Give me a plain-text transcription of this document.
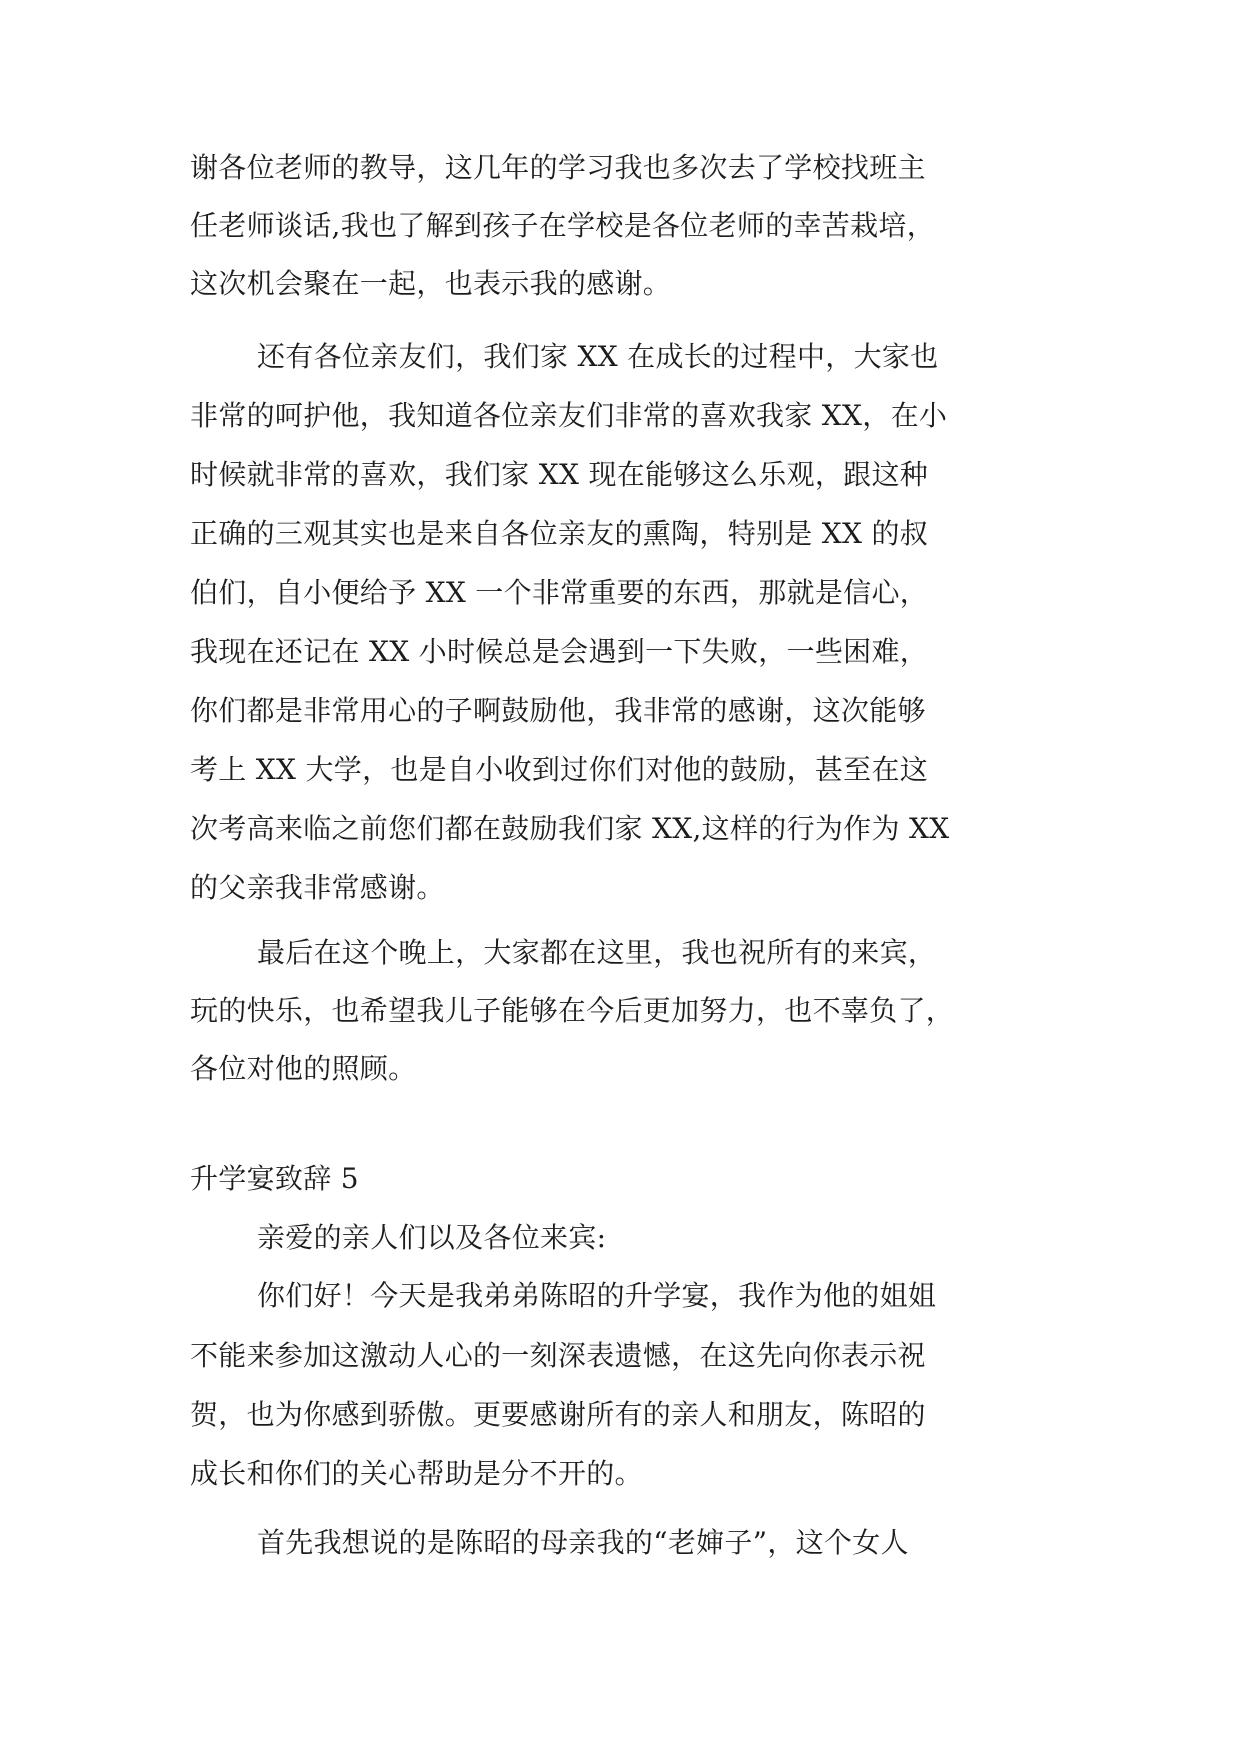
谢各位老师的教导，这几年的学习我也多次去了学校找班主
任老师谈话,我也了解到孩子在学校是各位老师的幸苦栽培，
这次机会聚在一起，也表示我的感谢。
还有各位亲友们，我们家 XX 在成长的过程中，大家也
非常的呵护他，我知道各位亲友们非常的喜欢我家 XX，在小
时候就非常的喜欢，我们家 XX 现在能够这么乐观，跟这种
正确的三观其实也是来自各位亲友的熏陶，特别是 XX 的叔
伯们，自小便给予 XX 一个非常重要的东西，那就是信心，
我现在还记在 XX 小时候总是会遇到一下失败，一些困难，
你们都是非常用心的子啊鼓励他，我非常的感谢，这次能够
考上 XX 大学，也是自小收到过你们对他的鼓励，甚至在这
次考高来临之前您们都在鼓励我们家 XX,这样的行为作为 XX
的父亲我非常感谢。
最后在这个晚上，大家都在这里，我也祝所有的来宾，
玩的快乐，也希望我儿子能够在今后更加努力，也不辜负了，
各位对他的照顾。
升学宴致辞 5
亲爱的亲人们以及各位来宾:
你们好！今天是我弟弟陈昭的升学宴，我作为他的姐姐
不能来参加这激动人心的一刻深表遗憾，在这先向你表示祝
贺，也为你感到骄傲。更要感谢所有的亲人和朋友，陈昭的
成长和你们的关心帮助是分不开的。
首先我想说的是陈昭的母亲我的“老婶子”，这个女人
